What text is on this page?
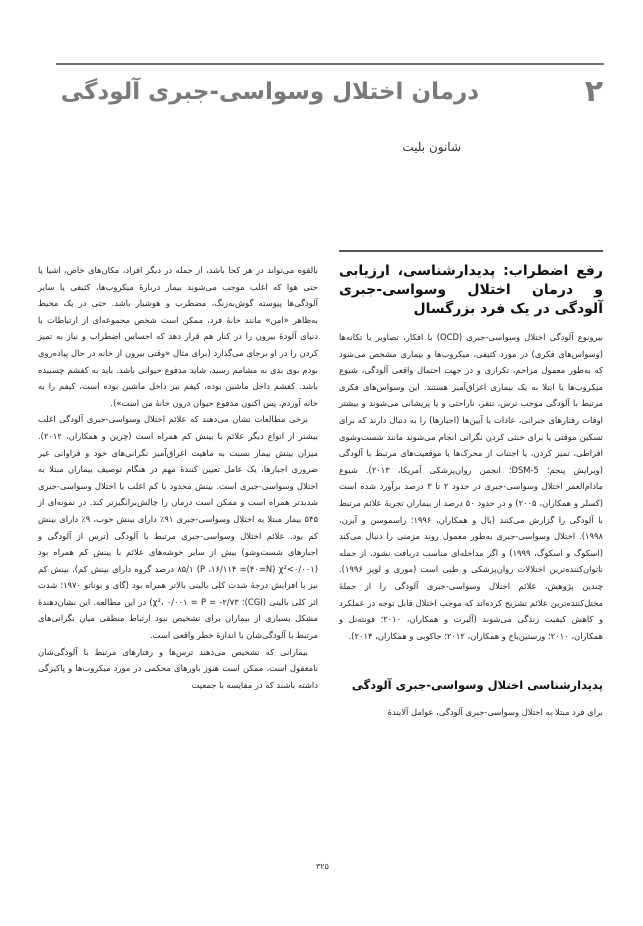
۲
درمان اختلال وسواسی-جبری آلودگی
شانون بلیت
رفع اضطراب: پدیدارشناسی، ارزیابی و درمان اختلال وسواسی-جبری آلودگی در یک فرد بزرگسال

بیرونوع آلودگی اختلال وسواسی-جبری (OCD) با افکار، تصاویر یا تکانه‌ها (وسواس‌های فکری) در مورد کثیفی، میکروب‌ها و بیماری مشخص می‌شود که به‌طور معمول مزاحم، تکراری و در جهت احتمال واقعی آلودگی، شیوع میکروب‌ها یا ابتلا به یک بیماری اغراق‌آمیز هستند. این وسواس‌های فکری مرتبط با آلودگی موجب ترس، تنفر، ناراحتی و یا پریشانی می‌شوند و بیشتر اوقات رفتارهای جبرانی، عادات یا آیین‌ها (اجبارها) را به دنبال دارند که برای تسکین موقتی یا برای خنثی کردن نگرانی انجام می‌شوند مانند شست‌وشوی افراطی، تمیز کردن، یا اجتناب از محرک‌ها یا موقعیت‌های مرتبط با آلودگی (ویرایش پنجم؛ DSM-5؛ انجمن روان‌پزشکی آمریکا، ۲۰۱۳). شیوع مادام‌العمر اختلال وسواسی-جبری در حدود ۲ تا ۳ درصد برآورد شده است (کسلر و همکاران، ۲۰۰۵) و در حدود ۵۰ درصد از بیماران تجربهٔ علائم مرتبط با آلودگی را گزارش می‌کنند (بال و همکاران، ۱۹۹۶؛ راسموسن و آیزن، ۱۹۹۸). اختلال وسواسی-جبری به‌طور معمول روند مزمنی را دنبال می‌کند (اسکوگ و اسکوگ، ۱۹۹۹) و اگر مداخله‌ای مناسب دریافت نشود، از جمله ناتوان‌کننده‌ترین اختلالات روان‌پزشکی و طبی است (موری و لوپز ۱۹۹۶). چندین پژوهش، علائم اختلال وسواسی-جبری آلودگی را از جملهٔ مختل‌کننده‌ترین علائم تشریح کرده‌اند که موجب اختلال قابل توجه در عملکرد و کاهش کیفیت زندگی می‌شوند (آلبرت و همکاران، ۲۰۱۰؛ فونته‌نل و همکاران، ۲۰۱۰؛ ورستین‌باخ و همکاران، ۲۰۱۲؛ جاکوبی و همکاران، ۲۰۱۴).

پدیدارشناسی اختلال وسواسی-جبری آلودگی

برای فرد مبتلا به اختلال وسواسی-جبری آلودگی، عوامل آلایندهٔ

بالقوه می‌تواند در هر کجا باشد، از جمله در دیگر افراد، مکان‌های خاص، اشیا یا حتی هوا که اغلب موجب می‌شوند بیمار دربارهٔ میکروب‌ها، کثیفی یا سایر آلودگی‌ها پیوسته گوش‌به‌زنگ، مضطرب و هوشیار باشد. حتی در یک محیط به‌ظاهر «امن» مانند خانهٔ فرد، ممکن است شخص مجموعه‌ای از ارتباطات با دنیای آلودهٔ بیرون را در کنار هم قرار دهد که احساس اضطراب و نیاز به تمیز کردن را در او برجای می‌گذارد (برای مثال «وقتی بیرون از خانه در حال پیاده‌روی بودم بوی بدی به مشامم رسید، شاید مدفوع حیوانی باشد. باید به کفشم چسبیده باشد. کفشم داخل ماشین بوده، کیفم نیز داخل ماشین بوده است، کیفم را به خانه آوردم، پس اکنون مدفوع حیوان درون خانهٔ من است»).

برخی مطالعات نشان می‌دهند که علائم اختلال وسواسی-جبری آلودگی اغلب بیشتر از انواع دیگر علائم با بینش کم همراه است (چرین و همکاران، ۲۰۱۲). میزان بینش بیمار نسبت به ماهیت اغراق‌آمیز نگرانی‌های خود و فراوانی غیر ضروری اجبارها، یک عامل تعیین کنندهٔ مهم در هنگام توصیف بیماران مبتلا به اختلال وسواسی-جبری است. بینش محدود یا کم اغلب با اختلال وسواسی-جبری شدیدتر همراه است و ممکن است درمان را چالش‌برانگیزتر کند. در نمونه‌ای از ۵۴۵ بیمار مبتلا به اختلال وسواسی-جبری ۹۱٪ دارای بینش خوب، ۹٪ دارای بینش کم بود. علائم اختلال وسواسی-جبری مرتبط با آلودگی (ترس از آلودگی و اجبارهای شست‌وشو) بیش از سایر خوشه‌های علائم با بینش کم همراه بود (۰/۰۰۱>P ،۱۶/۱۱۴ =(۴۰=N) χ²) ۸۵/۱ درصد گروه دارای بینش کم). بینش کم نیز با افزایش درجهٔ شدت کلی بالینی بالاتر همراه بود (گای و بوناتو ۱۹۷۰؛ شدت اثر کلی بالینی (CGI)؛ ۲/۷۳- = χ²، ۰/۰۰۱ = P) در این مطالعه. این نشان‌دهندهٔ مشکل بسیاری از بیماران برای تشخیص نبود ارتباط منطقی میان نگرانی‌های مرتبط با آلودگی‌شان با اندازهٔ خطر واقعی است.

بیمارانی که تشخیص می‌دهند ترس‌ها و رفتارهای مرتبط با آلودگی‌شان نامعقول است، ممکن است هنوز باورهای محکمی در مورد میکروب‌ها و پاکیزگی داشته باشند که در مقایسه با جمعیت

۳۲۵
